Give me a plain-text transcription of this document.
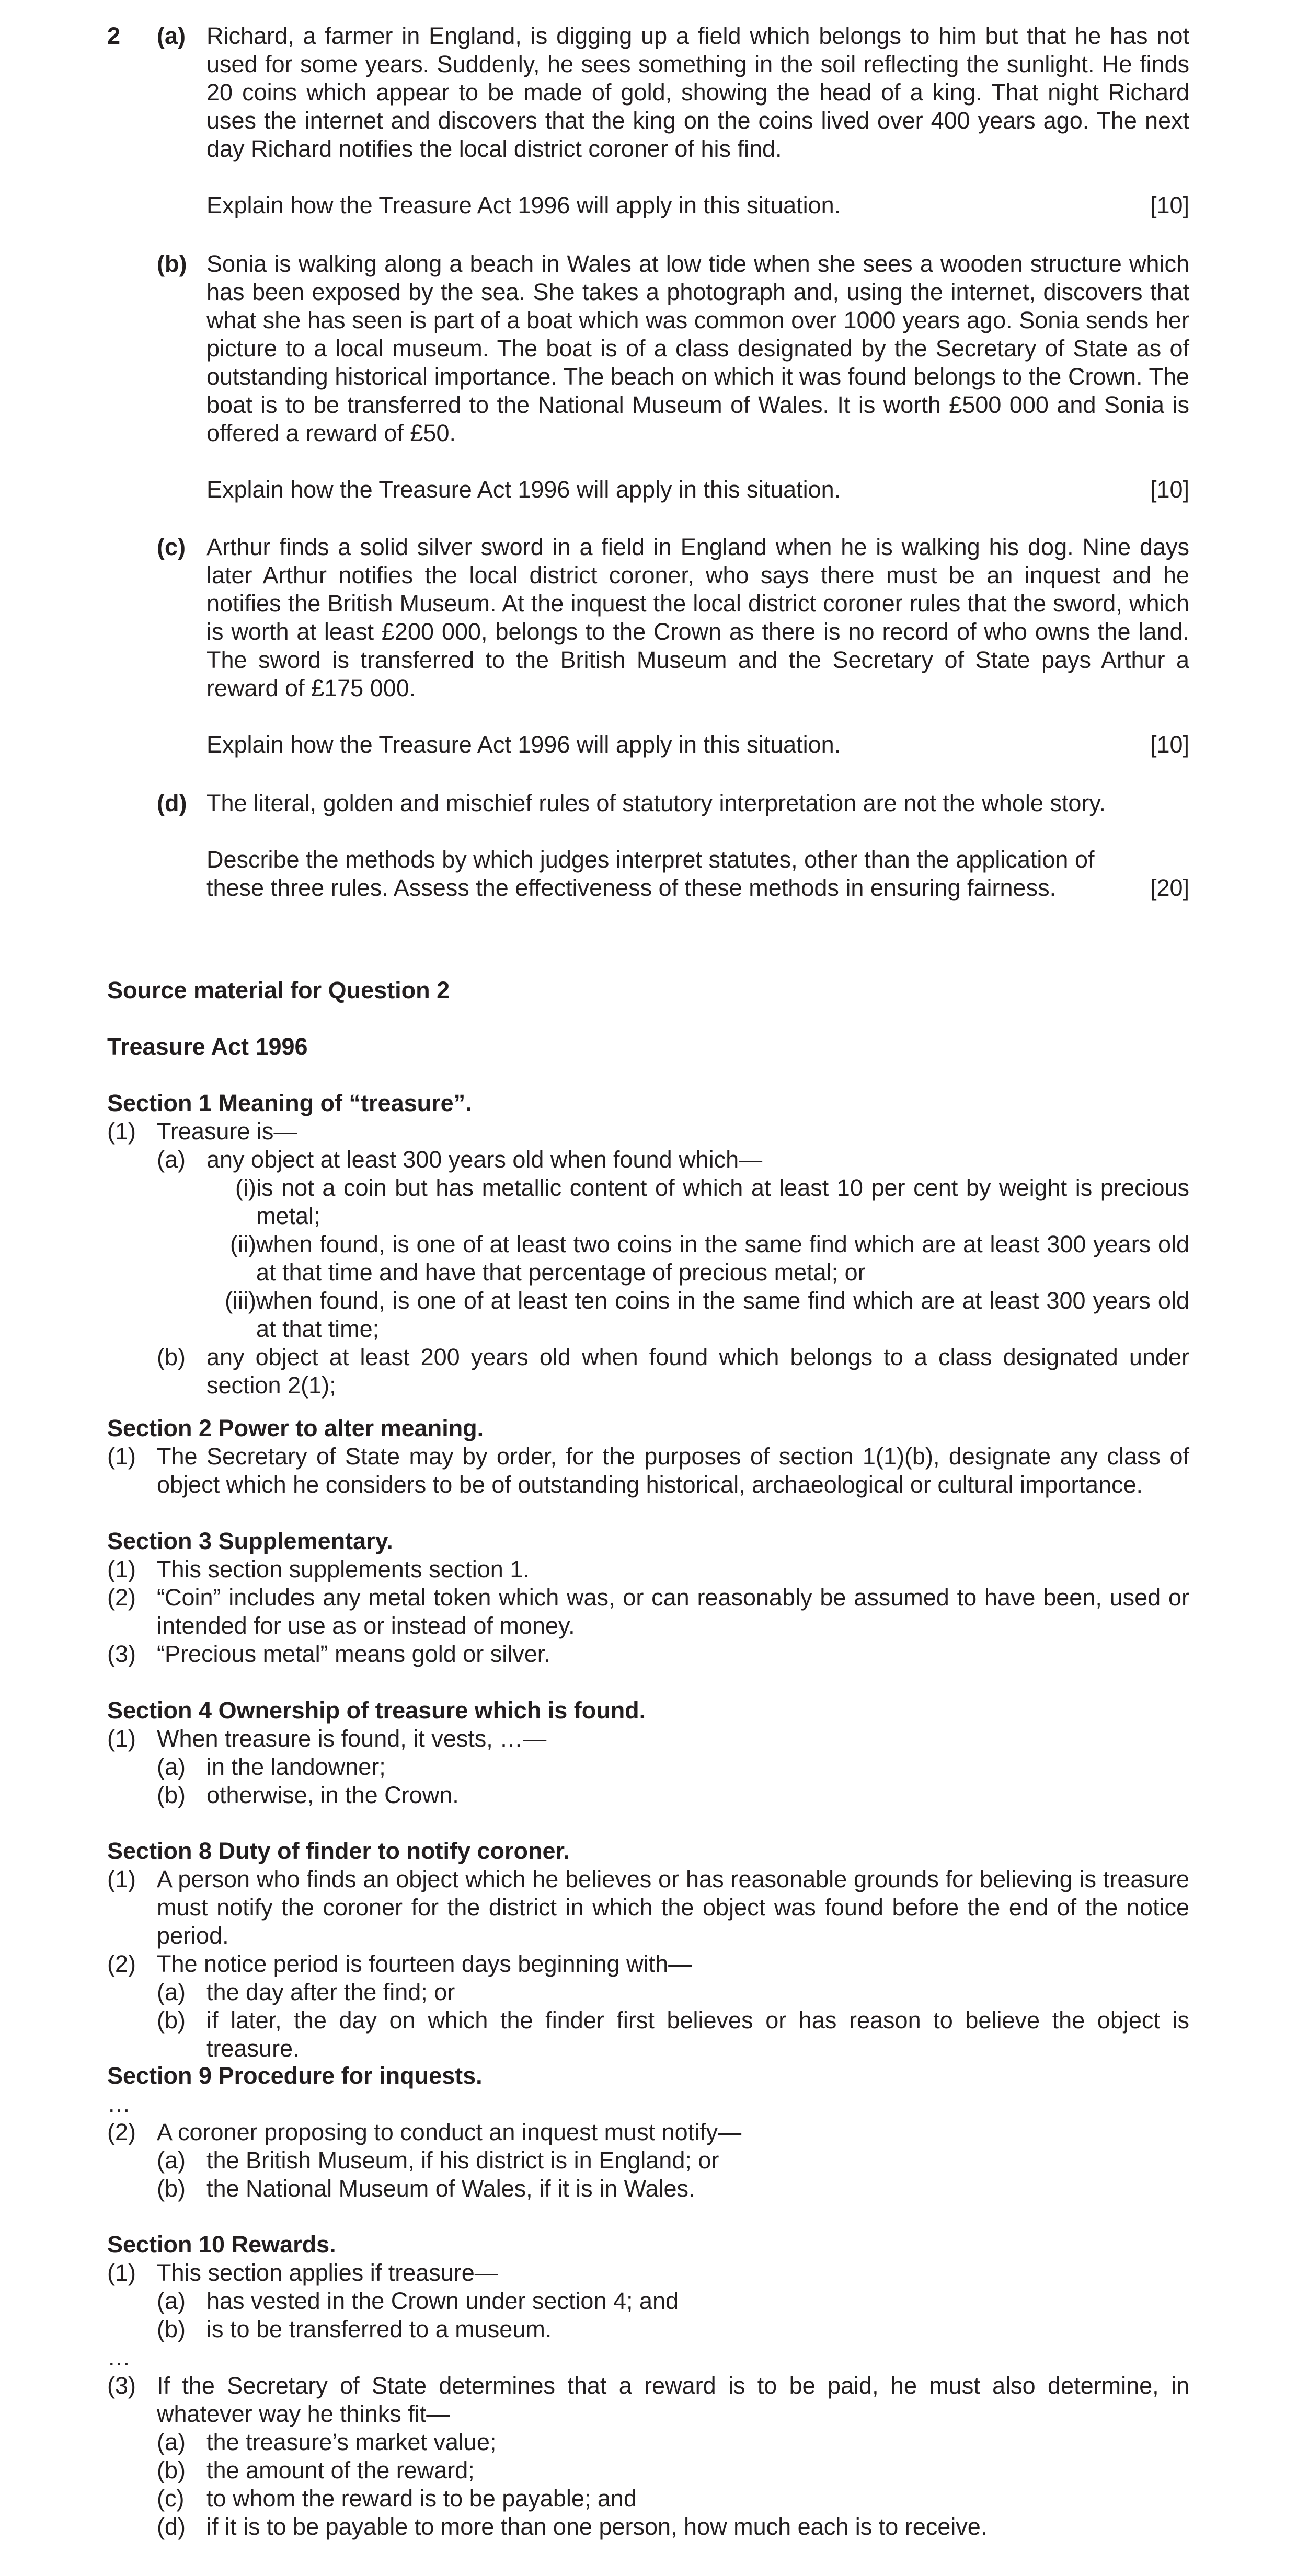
2 (a) Richard, a farmer in England, is digging up a field which belongs to him but that he has not used for some years. Suddenly, he sees something in the soil reflecting the sunlight. He finds 20 coins which appear to be made of gold, showing the head of a king. That night Richard uses the internet and discovers that the king on the coins lived over 400 years ago. The next day Richard notifies the local district coroner of his find.

Explain how the Treasure Act 1996 will apply in this situation.	[10]
(b) Sonia is walking along a beach in Wales at low tide when she sees a wooden structure which has been exposed by the sea. She takes a photograph and, using the internet, discovers that what she has seen is part of a boat which was common over 1000 years ago. Sonia sends her picture to a local museum. The boat is of a class designated by the Secretary of State as of outstanding historical importance. The beach on which it was found belongs to the Crown. The boat is to be transferred to the National Museum of Wales. It is worth £500 000 and Sonia is offered a reward of £50.

Explain how the Treasure Act 1996 will apply in this situation.	[10]
(c) Arthur finds a solid silver sword in a field in England when he is walking his dog. Nine days later Arthur notifies the local district coroner, who says there must be an inquest and he notifies the British Museum. At the inquest the local district coroner rules that the sword, which is worth at least £200 000, belongs to the Crown as there is no record of who owns the land. The sword is transferred to the British Museum and the Secretary of State pays Arthur a reward of £175 000.

Explain how the Treasure Act 1996 will apply in this situation.	[10]
(d) The literal, golden and mischief rules of statutory interpretation are not the whole story.

Describe the methods by which judges interpret statutes, other than the application of these three rules. Assess the effectiveness of these methods in ensuring fairness.	[20]
Source material for Question 2
Treasure Act 1996
Section 1 Meaning of “treasure”.
(1) Treasure is—
(a) any object at least 300 years old when found which—
(i) is not a coin but has metallic content of which at least 10 per cent by weight is precious metal;
(ii) when found, is one of at least two coins in the same find which are at least 300 years old at that time and have that percentage of precious metal; or
(iii) when found, is one of at least ten coins in the same find which are at least 300 years old at that time;
(b) any object at least 200 years old when found which belongs to a class designated under section 2(1);
Section 2 Power to alter meaning.
(1) The Secretary of State may by order, for the purposes of section 1(1)(b), designate any class of object which he considers to be of outstanding historical, archaeological or cultural importance.
Section 3 Supplementary.
(1) This section supplements section 1.
(2) “Coin” includes any metal token which was, or can reasonably be assumed to have been, used or intended for use as or instead of money.
(3) “Precious metal” means gold or silver.
Section 4 Ownership of treasure which is found.
(1) When treasure is found, it vests, …—
(a) in the landowner;
(b) otherwise, in the Crown.
Section 8 Duty of finder to notify coroner.
(1) A person who finds an object which he believes or has reasonable grounds for believing is treasure must notify the coroner for the district in which the object was found before the end of the notice period.
(2) The notice period is fourteen days beginning with—
(a) the day after the find; or
(b) if later, the day on which the finder first believes or has reason to believe the object is treasure.
Section 9 Procedure for inquests.
…
(2) A coroner proposing to conduct an inquest must notify—
(a) the British Museum, if his district is in England; or
(b) the National Museum of Wales, if it is in Wales.
Section 10 Rewards.
(1) This section applies if treasure—
(a) has vested in the Crown under section 4; and
(b) is to be transferred to a museum.
…
(3) If the Secretary of State determines that a reward is to be paid, he must also determine, in whatever way he thinks fit—
(a) the treasure’s market value;
(b) the amount of the reward;
(c) to whom the reward is to be payable; and
(d) if it is to be payable to more than one person, how much each is to receive.
